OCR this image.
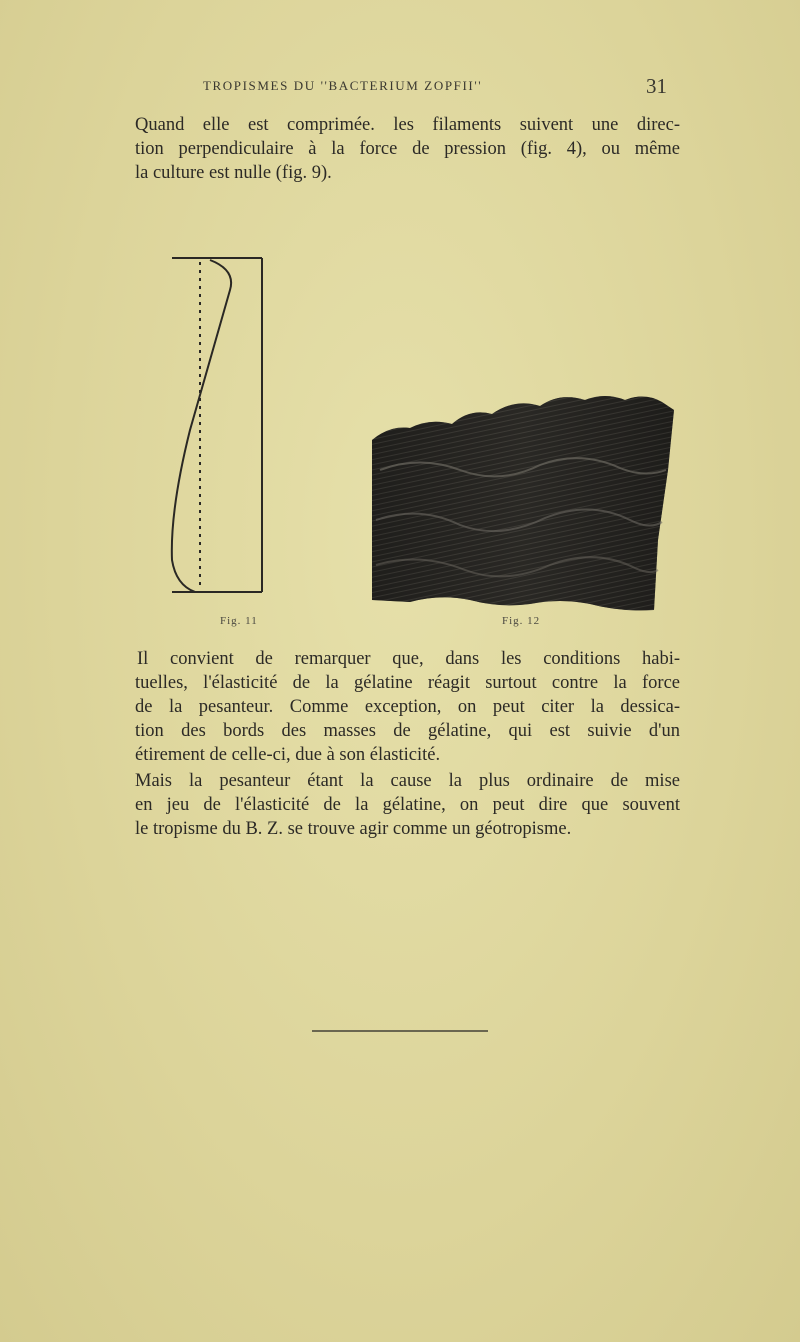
TROPISMES DU ''BACTERIUM ZOPFII''	31

Quand elle est comprimée. les filaments suivent une direc-
tion perpendiculaire à la force de pression (fig. 4), ou même
la culture est nulle (fig. 9).

Fig. 11	Fig. 12

Il convient de remarquer que, dans les conditions habi-
tuelles, l'élasticité de la gélatine réagit surtout contre la force
de la pesanteur. Comme exception, on peut citer la dessica-
tion des bords des masses de gélatine, qui est suivie d'un
étirement de celle-ci, due à son élasticité.

Mais la pesanteur étant la cause la plus ordinaire de mise
en jeu de l'élasticité de la gélatine, on peut dire que souvent
le tropisme du B. Z. se trouve agir comme un géotropisme.
